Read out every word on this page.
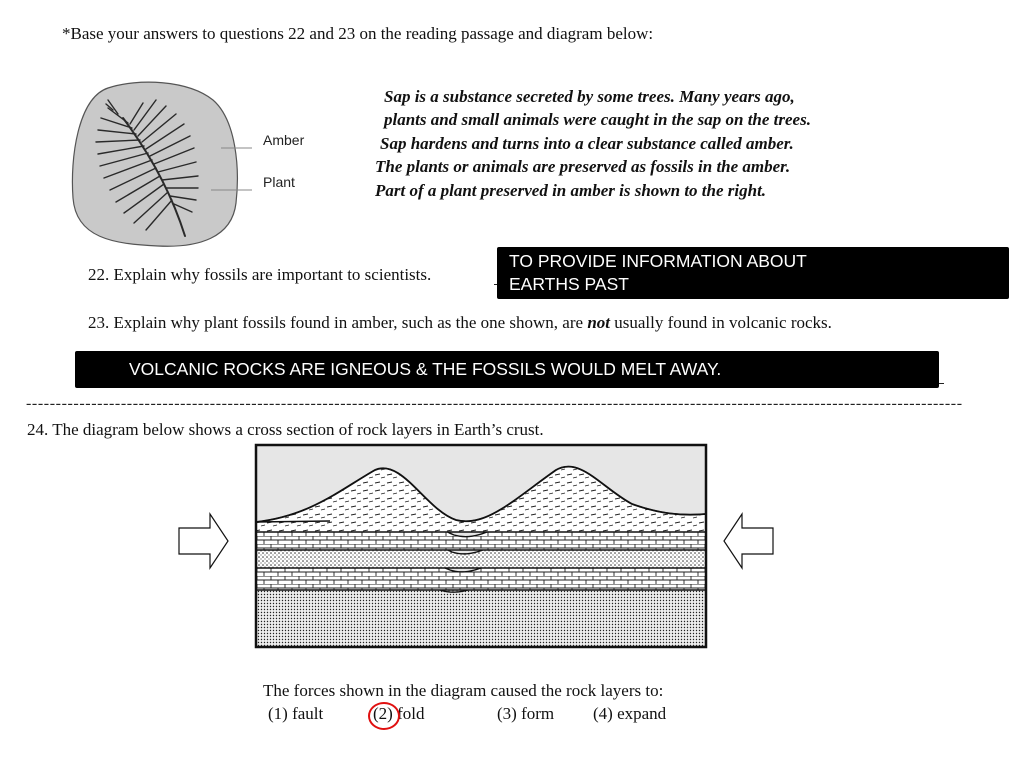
*Base your answers to questions 22 and 23 on the reading passage and diagram below:
Amber
Plant
Sap is a substance secreted by some trees. Many years ago,
plants and small animals were caught in the sap on the trees.
Sap hardens and turns into a clear substance called amber.
The plants or animals are preserved as fossils in the amber.
Part of a plant preserved in amber is shown to the right.
22. Explain why fossils are important to scientists.
TO PROVIDE INFORMATION ABOUT
EARTHS PAST
23. Explain why plant fossils found in amber, such as the one shown, are not usually found in volcanic rocks.
VOLCANIC ROCKS ARE IGNEOUS & THE FOSSILS WOULD MELT AWAY.
--------------------------------------------------------------------------------------------------------------------------------------------------------------
24. The diagram below shows a cross section of rock layers in Earth’s crust.
The forces shown in the diagram caused the rock layers to:
(1) fault	(2) fold	(3) form (4) expand
